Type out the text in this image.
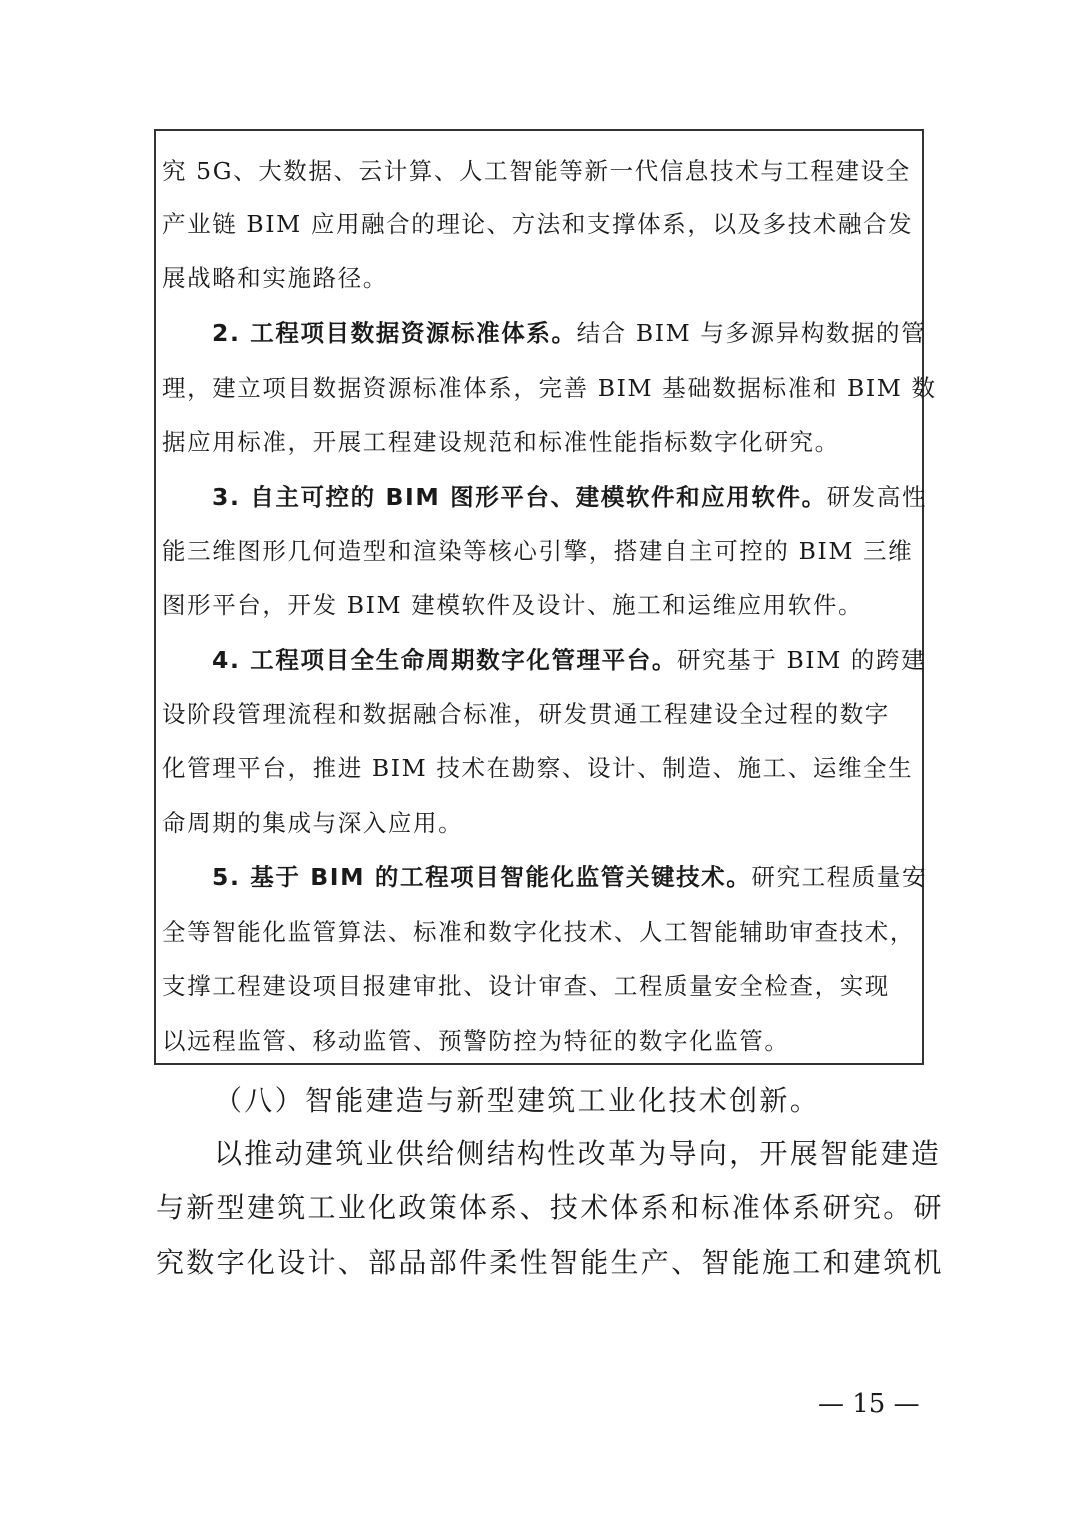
究 5G、大数据、云计算、人工智能等新一代信息技术与工程建设全
产业链 BIM 应用融合的理论、方法和支撑体系，以及多技术融合发
展战略和实施路径。
2. 工程项目数据资源标准体系。结合 BIM 与多源异构数据的管
理，建立项目数据资源标准体系，完善 BIM 基础数据标准和 BIM 数
据应用标准，开展工程建设规范和标准性能指标数字化研究。
3. 自主可控的 BIM 图形平台、建模软件和应用软件。研发高性
能三维图形几何造型和渲染等核心引擎，搭建自主可控的 BIM 三维
图形平台，开发 BIM 建模软件及设计、施工和运维应用软件。
4. 工程项目全生命周期数字化管理平台。研究基于 BIM 的跨建
设阶段管理流程和数据融合标准，研发贯通工程建设全过程的数字
化管理平台，推进 BIM 技术在勘察、设计、制造、施工、运维全生
命周期的集成与深入应用。
5. 基于 BIM 的工程项目智能化监管关键技术。研究工程质量安
全等智能化监管算法、标准和数字化技术、人工智能辅助审查技术，
支撑工程建设项目报建审批、设计审查、工程质量安全检查，实现
以远程监管、移动监管、预警防控为特征的数字化监管。
（八）智能建造与新型建筑工业化技术创新。
以推动建筑业供给侧结构性改革为导向，开展智能建造
与新型建筑工业化政策体系、技术体系和标准体系研究。研
究数字化设计、部品部件柔性智能生产、智能施工和建筑机
— 15 —
